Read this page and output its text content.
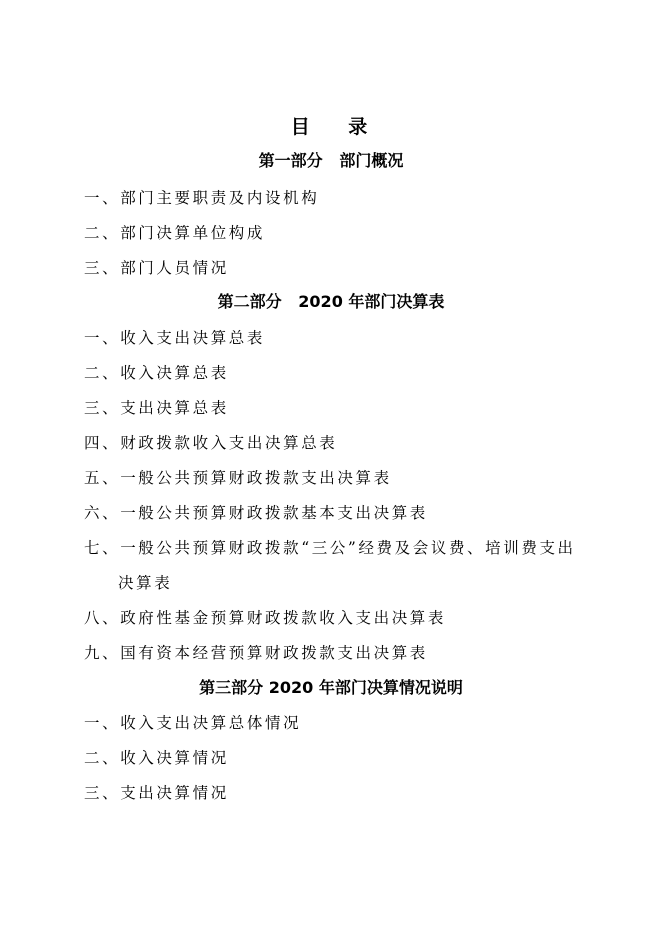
目 录
第一部分   部门概况
一、部门主要职责及内设机构
二、部门决算单位构成
三、部门人员情况
第二部分   2020 年部门决算表
一、收入支出决算总表
二、收入决算总表
三、支出决算总表
四、财政拨款收入支出决算总表
五、一般公共预算财政拨款支出决算表
六、一般公共预算财政拨款基本支出决算表
七、一般公共预算财政拨款“三公”经费及会议费、培训费支出
决算表
八、政府性基金预算财政拨款收入支出决算表
九、国有资本经营预算财政拨款支出决算表
第三部分 2020 年部门决算情况说明
一、收入支出决算总体情况
二、收入决算情况
三、支出决算情况
